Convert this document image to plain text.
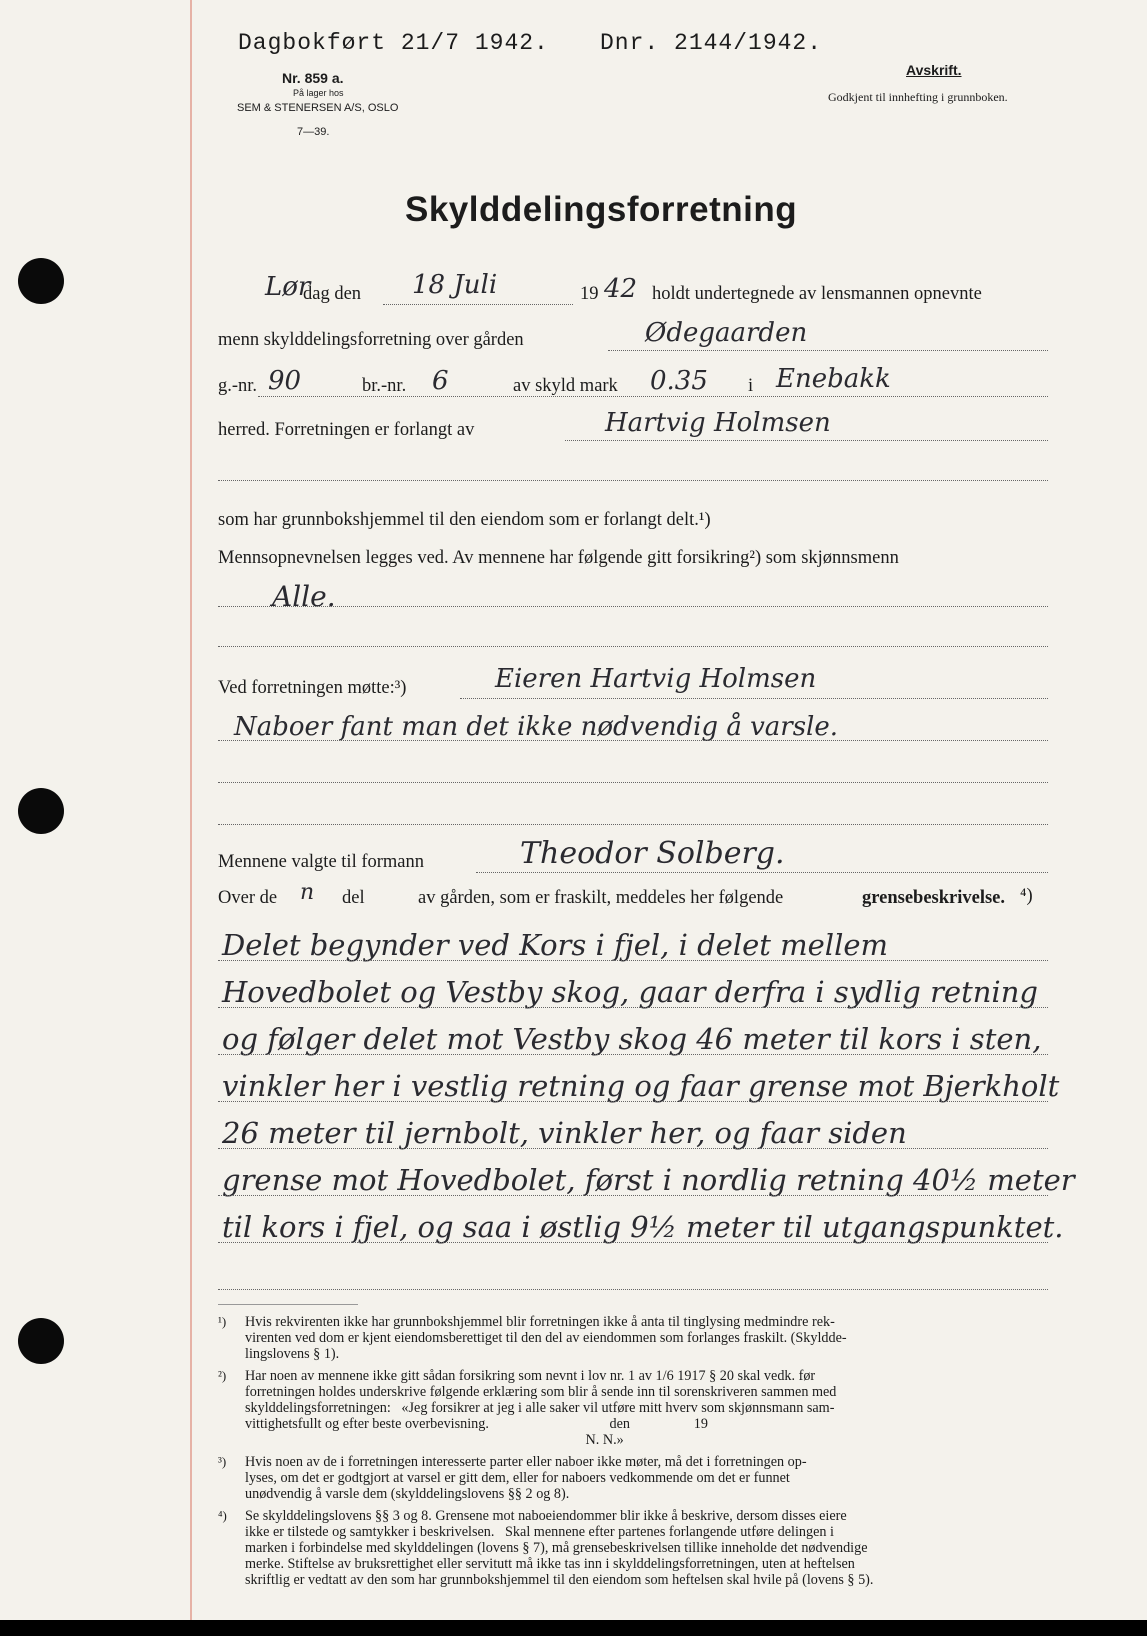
Dagbokført 21/7 1942. Dnr. 2144/1942.
Nr. 859 a.
På lager hos
SEM & STENERSEN A/S, OSLO
7—39.
Avskrift.
Godkjent til innhefting i grunnboken.
Skylddelingsforretning
Lør
dag den 18 Juli	19 42 holdt undertegnede av lensmannen opnevnte
menn skylddelingsforretning over gården	Ødegaarden
g.-nr. 90	br.-nr. 6	av skyld mark 0.35 i Enebakk
herred. Forretningen er forlangt av	Hartvig Holmsen
som har grunnbokshjemmel til den eiendom som er forlangt delt.¹)
Mennsopnevnelsen legges ved. Av mennene har følgende gitt forsikring²) som skjønnsmenn
Alle.
Ved forretningen møtte:³)	Eieren Hartvig Holmsen
Naboer fant man det ikke nødvendig å varsle.
Mennene valgte til formann	Theodor Solberg.
Over de n del	av gården, som er fraskilt, meddeles her følgende	grensebeskrivelse. ⁴)
Delet begynder ved Kors i fjel, i delet mellem
Hovedbolet og Vestby skog, gaar derfra i sydlig retning
og følger delet mot Vestby skog 46 meter til kors i sten,
vinkler her i vestlig retning og faar grense mot Bjerkholt
26 meter til jernbolt, vinkler her, og faar siden
grense mot Hovedbolet, først i nordlig retning 40½ meter
til kors i fjel, og saa i østlig 9½ meter til utgangspunktet.
¹) Hvis rekvirenten ikke har grunnbokshjemmel blir forretningen ikke å anta til tinglysing medmindre rek-
virenten ved dom er kjent eiendomsberettiget til den del av eiendommen som forlanges fraskilt. (Skyldde-
lingslovens § 1).
²) Har noen av mennene ikke gitt sådan forsikring som nevnt i lov nr. 1 av 1/6 1917 § 20 skal vedk. før
forretningen holdes underskrive følgende erklæring som blir å sende inn til sorenskriveren sammen med
skylddelingsforretningen:   «Jeg forsikrer at jeg i alle saker vil utføre mitt hverv som skjønnsmann sam-
vittighetsfullt og efter beste overbevisning.                                  den                  19
N. N.»
³) Hvis noen av de i forretningen interesserte parter eller naboer ikke møter, må det i forretningen op-
lyses, om det er godtgjort at varsel er gitt dem, eller for naboers vedkommende om det er funnet
unødvendig å varsle dem (skylddelingslovens §§ 2 og 8).
⁴) Se skylddelingslovens §§ 3 og 8. Grensene mot naboeiendommer blir ikke å beskrive, dersom disses eiere
ikke er tilstede og samtykker i beskrivelsen.   Skal mennene efter partenes forlangende utføre delingen i
marken i forbindelse med skylddelingen (lovens § 7), må grensebeskrivelsen tillike inneholde det nødvendige
merke. Stiftelse av bruksrettighet eller servitutt må ikke tas inn i skylddelingsforretningen, uten at heftelsen
skriftlig er vedtatt av den som har grunnbokshjemmel til den eiendom som heftelsen skal hvile på (lovens § 5).
